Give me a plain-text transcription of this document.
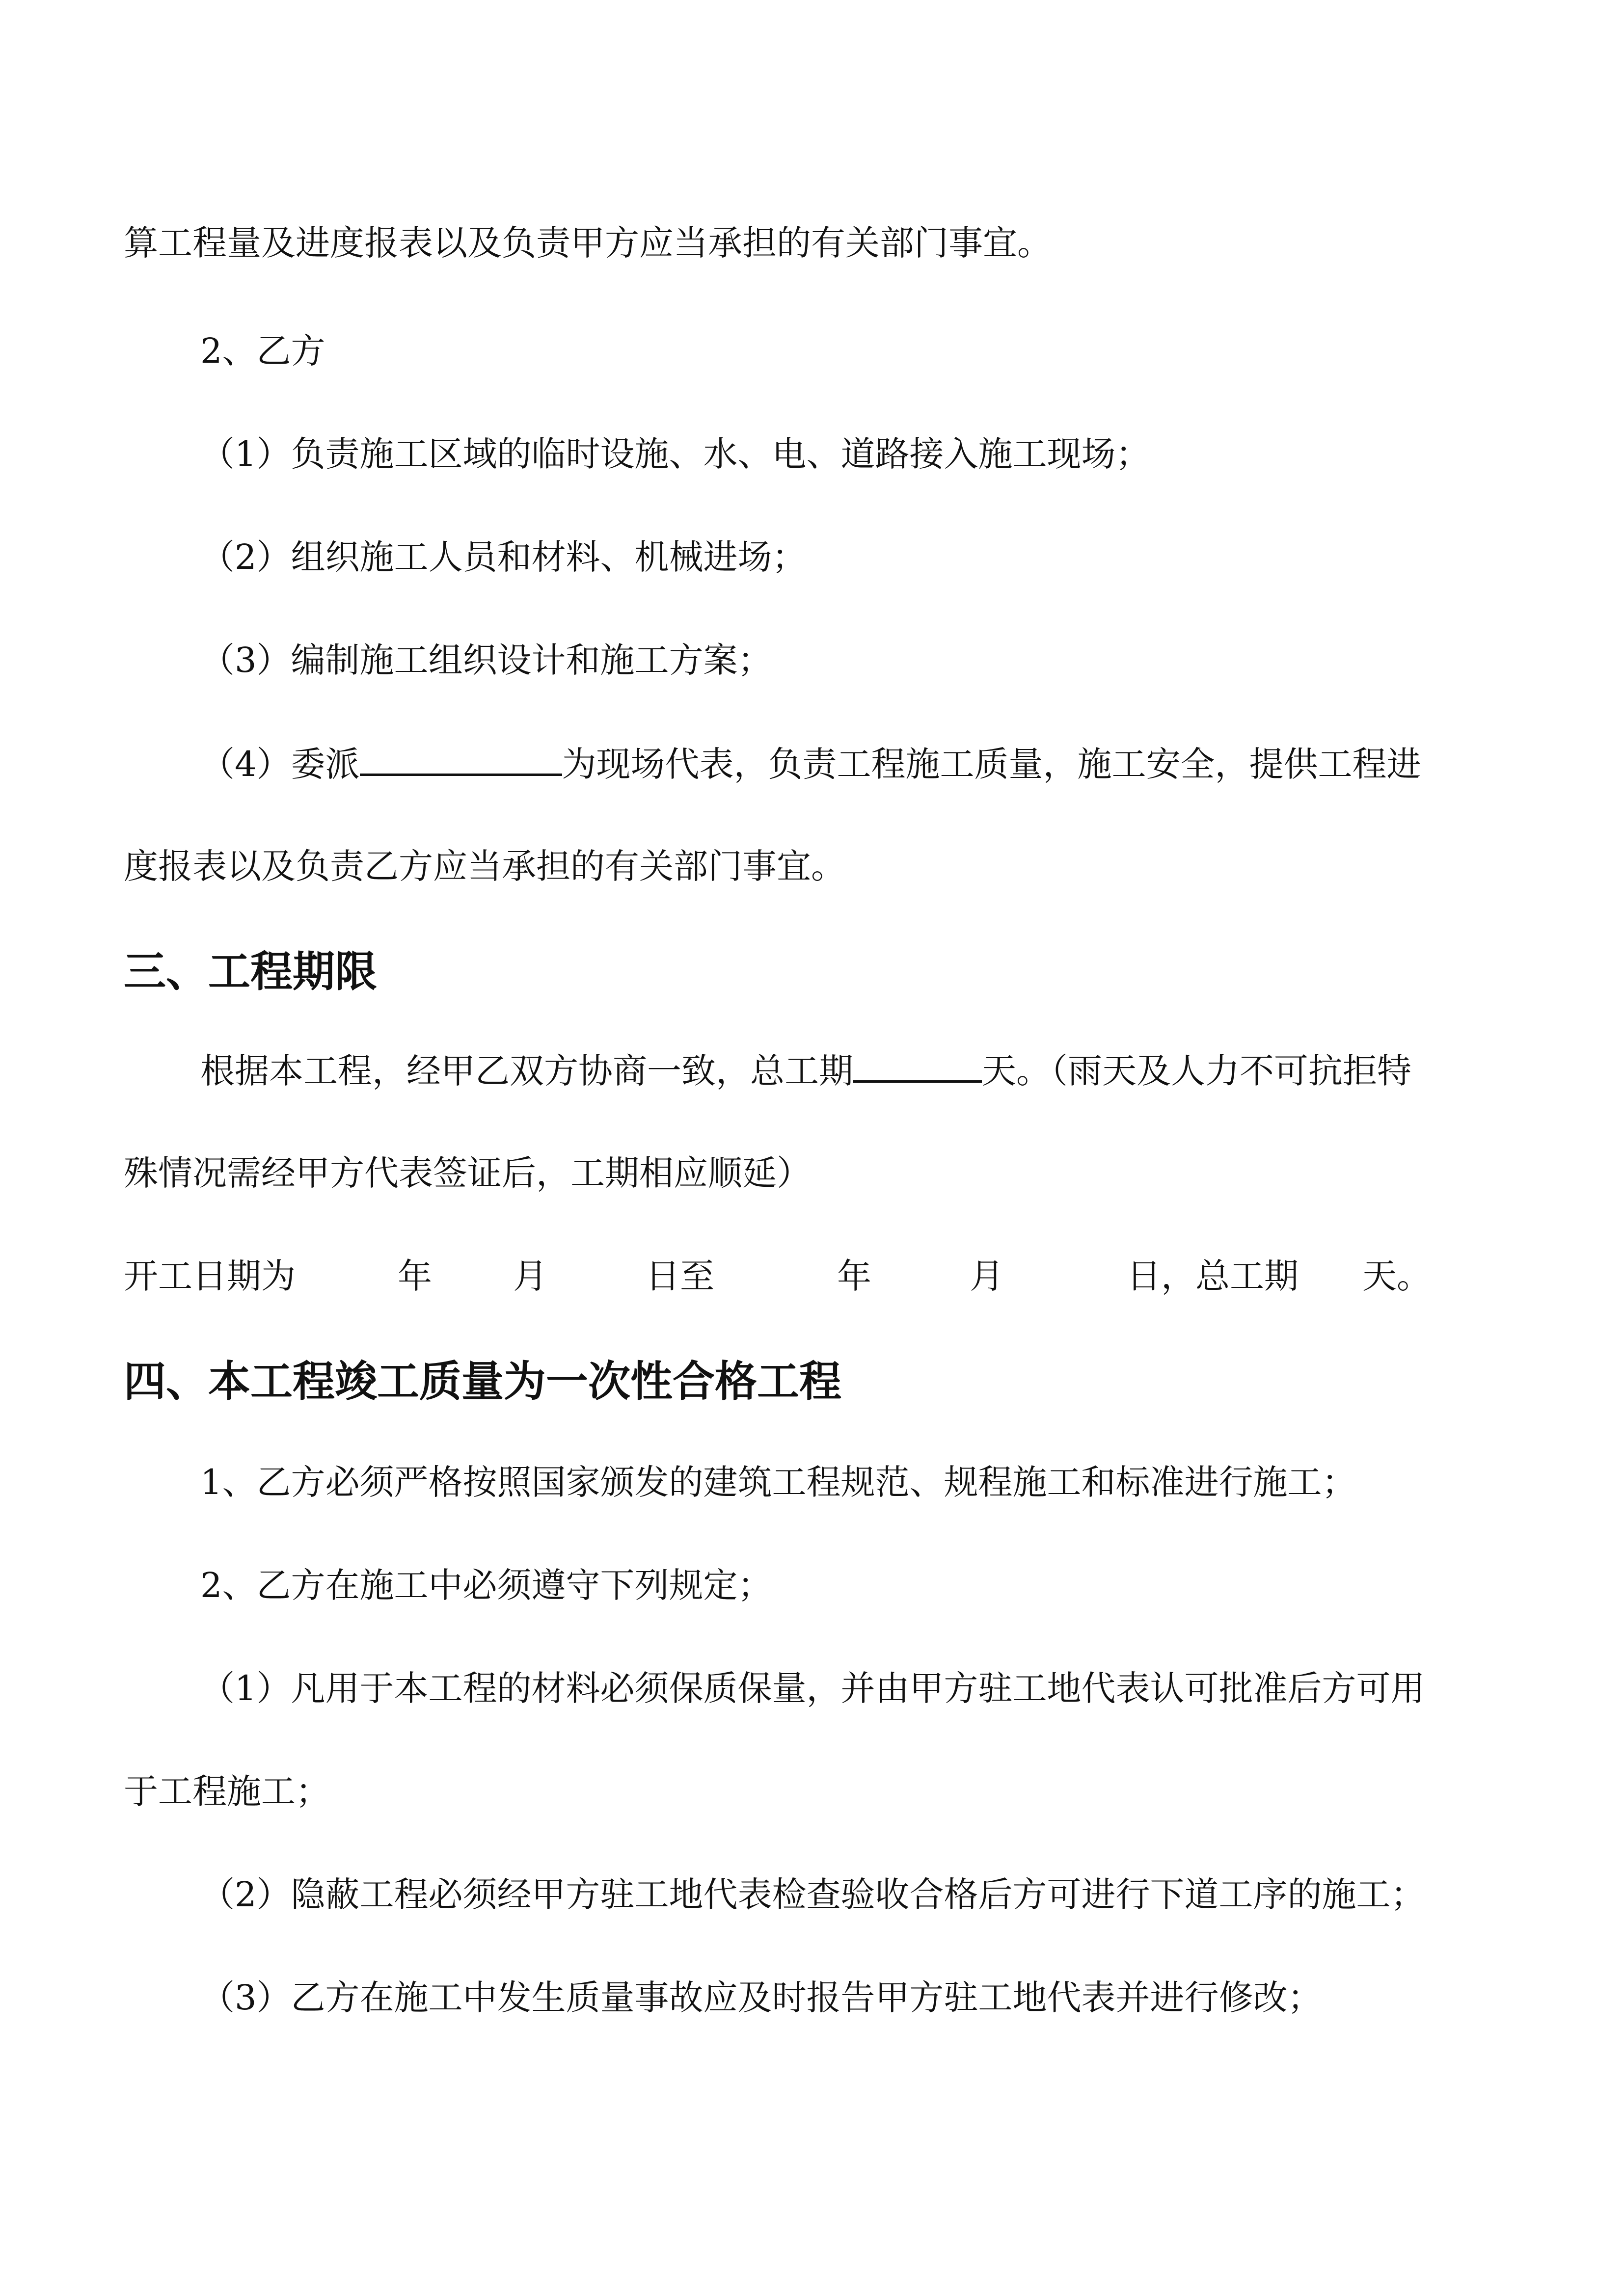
算工程量及进度报表以及负责甲方应当承担的有关部门事宜。
2、乙方
（1）负责施工区域的临时设施、水、电、道路接入施工现场；
（2）组织施工人员和材料、机械进场；
（3）编制施工组织设计和施工方案；
（4）委派	为现场代表，负责工程施工质量，施工安全，提供工程进
度报表以及负责乙方应当承担的有关部门事宜。
三、工程期限
根据本工程，经甲乙双方协商一致，总工期	天。（雨天及人力不可抗拒特
殊情况需经甲方代表签证后，工期相应顺延）
开工日期为	年 月	日至	年	月	日，总工期 天。
四、本工程竣工质量为一次性合格工程
1、乙方必须严格按照国家颁发的建筑工程规范、规程施工和标准进行施工；
2、乙方在施工中必须遵守下列规定；
（1）凡用于本工程的材料必须保质保量，并由甲方驻工地代表认可批准后方可用
于工程施工；
（2）隐蔽工程必须经甲方驻工地代表检查验收合格后方可进行下道工序的施工；
（3）乙方在施工中发生质量事故应及时报告甲方驻工地代表并进行修改；
